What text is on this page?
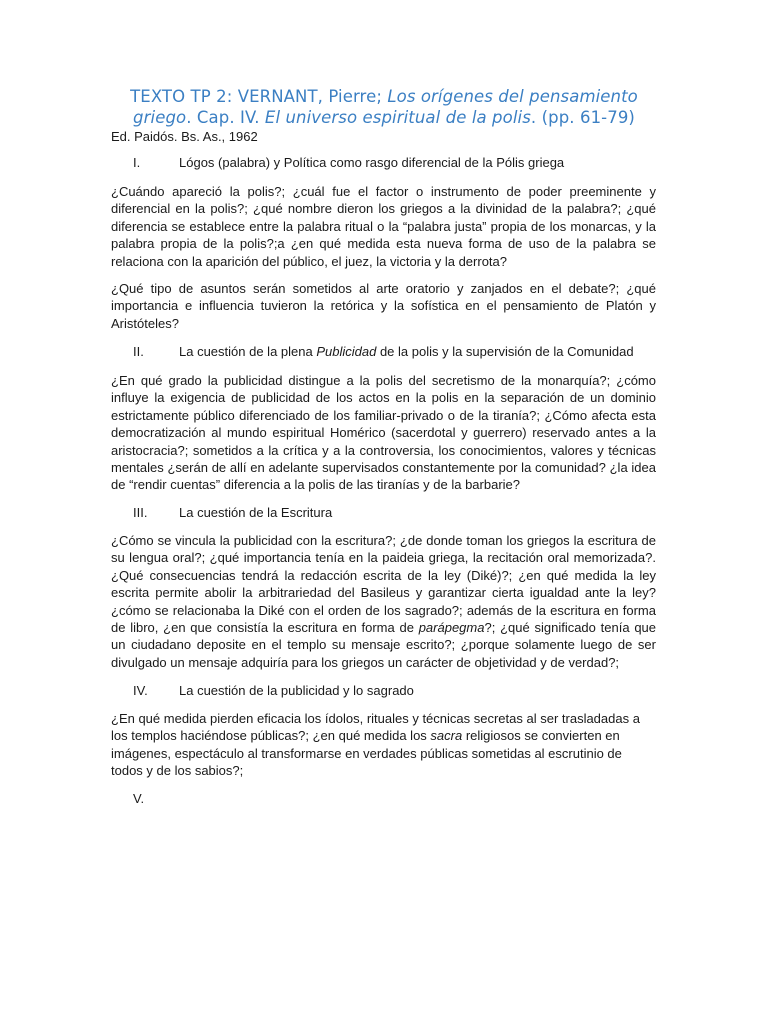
TEXTO TP 2: VERNANT, Pierre; Los orígenes del pensamiento
griego. Cap. IV. El universo espiritual de la polis. (pp. 61-79)
Ed. Paidós. Bs. As., 1962
I.	Lógos (palabra) y Política como rasgo diferencial de la Pólis griega
¿Cuándo apareció la polis?; ¿cuál fue el factor o instrumento de poder preeminente y diferencial en la polis?; ¿qué nombre dieron los griegos a la divinidad de la palabra?; ¿qué diferencia se establece entre la palabra ritual o la “palabra justa” propia de los monarcas, y la palabra propia de la polis?;a ¿en qué medida esta nueva forma de uso de la palabra se relaciona con la aparición del público, el juez, la victoria y la derrota?
¿Qué tipo de asuntos serán sometidos al arte oratorio y zanjados en el debate?; ¿qué importancia e influencia tuvieron la retórica y la sofística en el pensamiento de Platón y Aristóteles?
II.	La cuestión de la plena Publicidad de la polis y la supervisión de la Comunidad
¿En qué grado la publicidad distingue a la polis del secretismo de la monarquía?; ¿cómo influye la exigencia de publicidad de los actos en la polis en la separación de un dominio estrictamente público diferenciado de los familiar-privado o de la tiranía?; ¿Cómo afecta esta democratización al mundo espiritual Homérico (sacerdotal y guerrero) reservado antes a la aristocracia?; sometidos a la crítica y a la controversia, los conocimientos, valores y técnicas mentales ¿serán de allí en adelante supervisados constantemente por la comunidad? ¿la idea de “rendir cuentas” diferencia a la polis de las tiranías y de la barbarie?
III. La cuestión de la Escritura
¿Cómo se vincula la publicidad con la escritura?; ¿de donde toman los griegos la escritura de su lengua oral?; ¿qué importancia tenía en la paideia griega, la recitación oral memorizada?. ¿Qué consecuencias tendrá la redacción escrita de la ley (Diké)?; ¿en qué medida la ley escrita permite abolir la arbitrariedad del Basileus y garantizar cierta igualdad ante la ley? ¿cómo se relacionaba la Diké con el orden de los sagrado?; además de la escritura en forma de libro, ¿en que consistía la escritura en forma de parápegma?; ¿qué significado tenía que un ciudadano deposite en el templo su mensaje escrito?; ¿porque solamente luego de ser divulgado un mensaje adquiría para los griegos un carácter de objetividad y de verdad?;
IV. La cuestión de la publicidad y lo sagrado
¿En qué medida pierden eficacia los ídolos, rituales y técnicas secretas al ser trasladadas a los templos haciéndose públicas?; ¿en qué medida los sacra religiosos se convierten en imágenes, espectáculo al transformarse en verdades públicas sometidas al escrutinio de todos y de los sabios?;
V.
